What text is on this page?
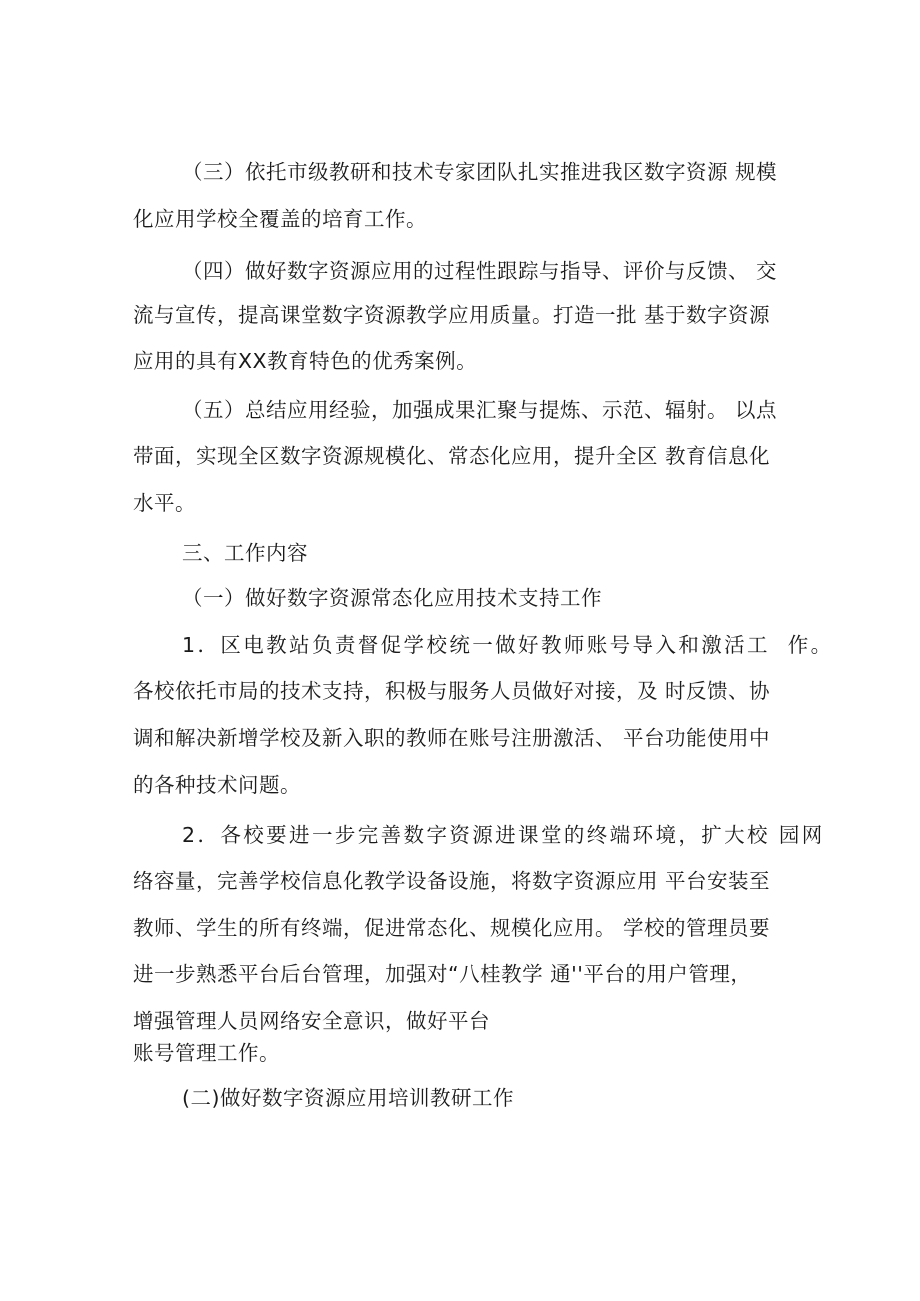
（三）依托市级教研和技术专家团队扎实推进我区数字资源 规模
化应用学校全覆盖的培育工作。
（四）做好数字资源应用的过程性跟踪与指导、评价与反馈、 交
流与宣传，提高课堂数字资源教学应用质量。打造一批 基于数字资源
应用的具有XX教育特色的优秀案例。
（五）总结应用经验，加强成果汇聚与提炼、示范、辐射。 以点
带面，实现全区数字资源规模化、常态化应用，提升全区 教育信息化
水平。
三、工作内容
（一）做好数字资源常态化应用技术支持工作
1．区电教站负责督促学校统一做好教师账号导入和激活工  作。
各校依托市局的技术支持，积极与服务人员做好对接，及 时反馈、协
调和解决新增学校及新入职的教师在账号注册激活、 平台功能使用中
的各种技术问题。
2．各校要进一步完善数字资源进课堂的终端环境，扩大校 园网
络容量，完善学校信息化教学设备设施，将数字资源应用 平台安装至
教师、学生的所有终端，促进常态化、规模化应用。 学校的管理员要
进一步熟悉平台后台管理，加强对“八桂教学 通''平台的用户管理，
增强管理人员网络安全意识，做好平台
账号管理工作。
(二)做好数字资源应用培训教研工作
